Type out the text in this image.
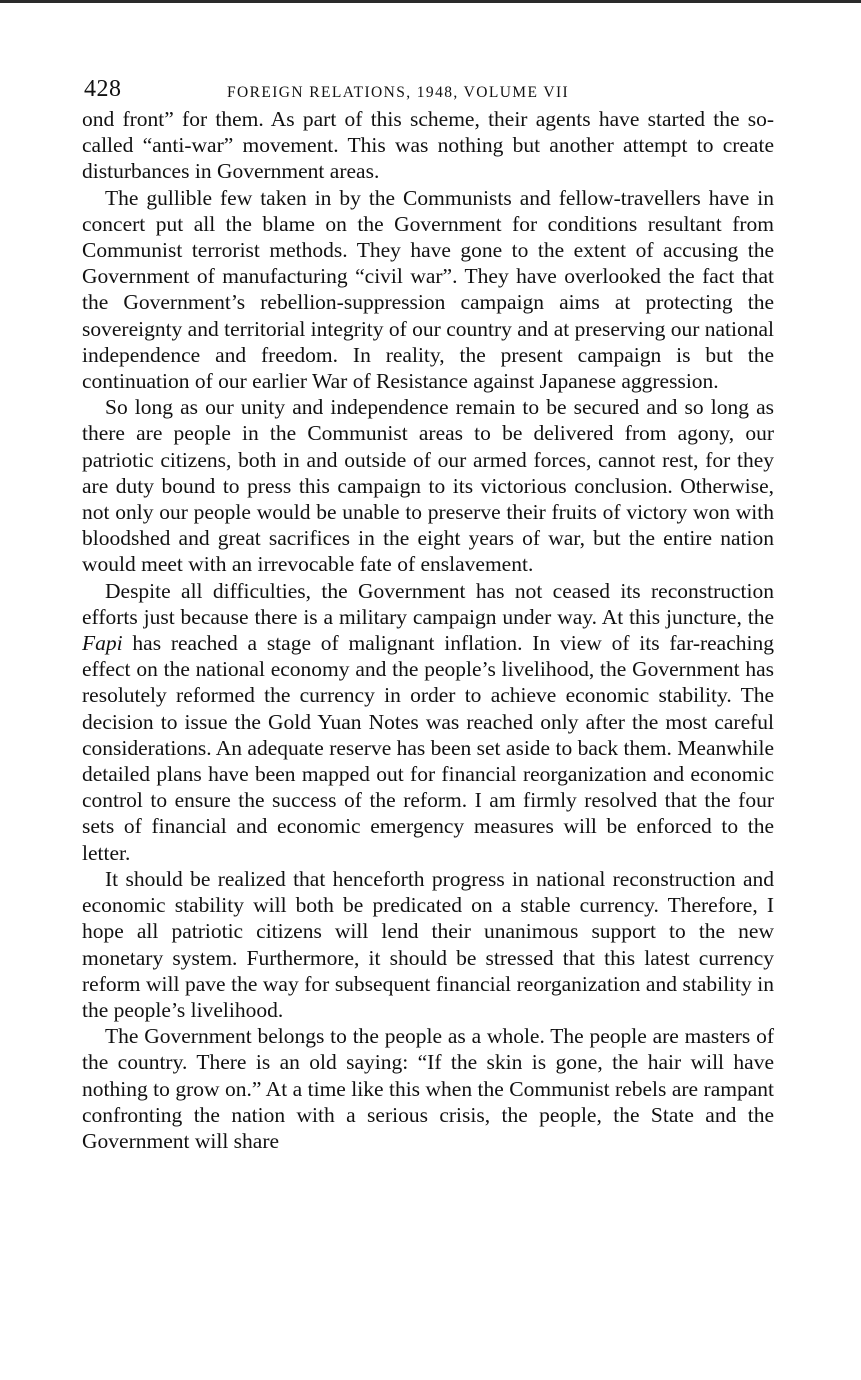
428	FOREIGN RELATIONS, 1948, VOLUME VII

ond front” for them. As part of this scheme, their agents have started the so-called “anti-war” movement. This was nothing but another attempt to create disturbances in Government areas.

The gullible few taken in by the Communists and fellow-travellers have in concert put all the blame on the Government for conditions resultant from Communist terrorist methods. They have gone to the extent of accusing the Government of manufacturing “civil war”. They have overlooked the fact that the Government’s rebellion-suppression campaign aims at protecting the sovereignty and territorial integrity of our country and at preserving our national independence and freedom. In reality, the present campaign is but the continuation of our earlier War of Resistance against Japanese aggression.

So long as our unity and independence remain to be secured and so long as there are people in the Communist areas to be delivered from agony, our patriotic citizens, both in and outside of our armed forces, cannot rest, for they are duty bound to press this campaign to its victorious conclusion. Otherwise, not only our people would be unable to preserve their fruits of victory won with bloodshed and great sacrifices in the eight years of war, but the entire nation would meet with an irrevocable fate of enslavement.

Despite all difficulties, the Government has not ceased its reconstruction efforts just because there is a military campaign under way. At this juncture, the Fapi has reached a stage of malignant inflation. In view of its far-reaching effect on the national economy and the people’s livelihood, the Government has resolutely reformed the currency in order to achieve economic stability. The decision to issue the Gold Yuan Notes was reached only after the most careful considerations. An adequate reserve has been set aside to back them. Meanwhile detailed plans have been mapped out for financial reorganization and economic control to ensure the success of the reform. I am firmly resolved that the four sets of financial and economic emergency measures will be enforced to the letter.

It should be realized that henceforth progress in national reconstruction and economic stability will both be predicated on a stable currency. Therefore, I hope all patriotic citizens will lend their unanimous support to the new monetary system. Furthermore, it should be stressed that this latest currency reform will pave the way for subsequent financial reorganization and stability in the people’s livelihood.

The Government belongs to the people as a whole. The people are masters of the country. There is an old saying: “If the skin is gone, the hair will have nothing to grow on.” At a time like this when the Communist rebels are rampant confronting the nation with a serious crisis, the people, the State and the Government will share
